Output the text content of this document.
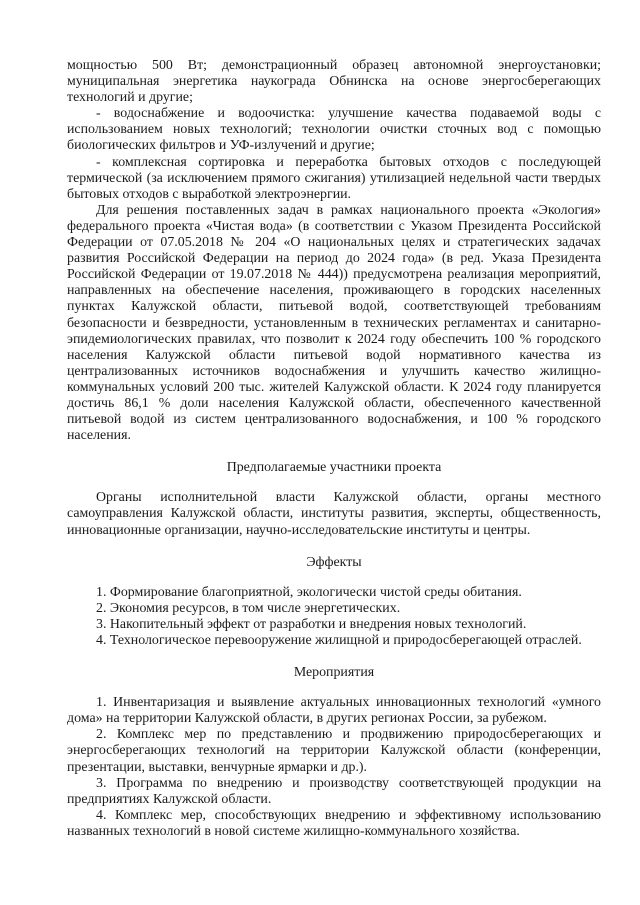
мощностью 500 Вт; демонстрационный образец автономной энергоустановки; муниципальная энергетика наукограда Обнинска на основе энергосберегающих технологий и другие;

- водоснабжение и водоочистка: улучшение качества подаваемой воды с использованием новых технологий; технологии очистки сточных вод с помощью биологических фильтров и УФ-излучений и другие;

- комплексная сортировка и переработка бытовых отходов с последующей термической (за исключением прямого сжигания) утилизацией недельной части твердых бытовых отходов с выработкой электроэнергии.

Для решения поставленных задач в рамках национального проекта «Экология» федерального проекта «Чистая вода» (в соответствии с Указом Президента Российской Федерации от 07.05.2018 № 204 «О национальных целях и стратегических задачах развития Российской Федерации на период до 2024 года» (в ред. Указа Президента Российской Федерации от 19.07.2018 № 444)) предусмотрена реализация мероприятий, направленных на обеспечение населения, проживающего в городских населенных пунктах Калужской области, питьевой водой, соответствующей требованиям безопасности и безвредности, установленным в технических регламентах и санитарно-эпидемиологических правилах, что позволит к 2024 году обеспечить 100 % городского населения Калужской области питьевой водой нормативного качества из централизованных источников водоснабжения и улучшить качество жилищно-коммунальных условий 200 тыс. жителей Калужской области. К 2024 году планируется достичь 86,1 % доли населения Калужской области, обеспеченного качественной питьевой водой из систем централизованного водоснабжения, и 100 % городского населения.

Предполагаемые участники проекта

Органы исполнительной власти Калужской области, органы местного самоуправления Калужской области, институты развития, эксперты, общественность, инновационные организации, научно-исследовательские институты и центры.

Эффекты

1. Формирование благоприятной, экологически чистой среды обитания.

2. Экономия ресурсов, в том числе энергетических.

3. Накопительный эффект от разработки и внедрения новых технологий.

4. Технологическое перевооружение жилищной и природосберегающей отраслей.

Мероприятия

1. Инвентаризация и выявление актуальных инновационных технологий «умного дома» на территории Калужской области, в других регионах России, за рубежом.

2. Комплекс мер по представлению и продвижению природосберегающих и энергосберегающих технологий на территории Калужской области (конференции, презентации, выставки, венчурные ярмарки и др.).

3. Программа по внедрению и производству соответствующей продукции на предприятиях Калужской области.

4. Комплекс мер, способствующих внедрению и эффективному использованию названных технологий в новой системе жилищно-коммунального хозяйства.
